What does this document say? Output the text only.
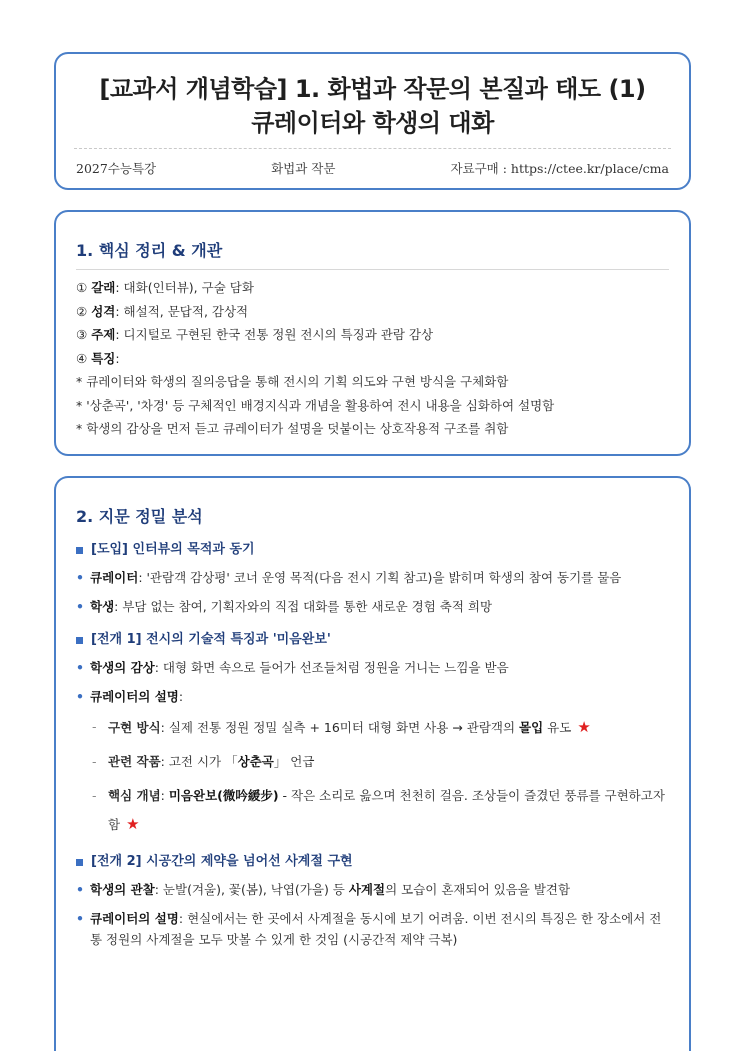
[교과서 개념학습] 1. 화법과 작문의 본질과 태도 (1)
큐레이터와 학생의 대화
2027수능특강	화법과 작문	자료구매 : https://ctee.kr/place/cma
1. 핵심 정리 & 개관
① 갈래: 대화(인터뷰), 구술 담화
② 성격: 해설적, 문답적, 감상적
③ 주제: 디지털로 구현된 한국 전통 정원 전시의 특징과 관람 감상
④ 특징:
* 큐레이터와 학생의 질의응답을 통해 전시의 기획 의도와 구현 방식을 구체화함
* '상춘곡', '차경' 등 구체적인 배경지식과 개념을 활용하여 전시 내용을 심화하여 설명함
* 학생의 감상을 먼저 듣고 큐레이터가 설명을 덧붙이는 상호작용적 구조를 취함
2. 지문 정밀 분석
[도입] 인터뷰의 목적과 동기
• 큐레이터: '관람객 감상평' 코너 운영 목적(다음 전시 기획 참고)을 밝히며 학생의 참여 동기를 물음
• 학생: 부담 없는 참여, 기획자와의 직접 대화를 통한 새로운 경험 축적 희망
[전개 1] 전시의 기술적 특징과 '미음완보'
• 학생의 감상: 대형 화면 속으로 들어가 선조들처럼 정원을 거니는 느낌을 받음
• 큐레이터의 설명:
- 구현 방식: 실제 전통 정원 정밀 실측 + 16미터 대형 화면 사용 → 관람객의 몰입 유도 ★
- 관련 작품: 고전 시가 「상춘곡」 언급
- 핵심 개념: 미음완보(微吟緩步) - 작은 소리로 읊으며 천천히 걸음. 조상들이 즐겼던 풍류를 구현하고자 함 ★
[전개 2] 시공간의 제약을 넘어선 사계절 구현
• 학생의 관찰: 눈발(겨울), 꽃(봄), 낙엽(가을) 등 사계절의 모습이 혼재되어 있음을 발견함
• 큐레이터의 설명: 현실에서는 한 곳에서 사계절을 동시에 보기 어려움. 이번 전시의 특징은 한 장소에서 전통 정원의 사계절을 모두 맛볼 수 있게 한 것임 (시공간적 제약 극복)
